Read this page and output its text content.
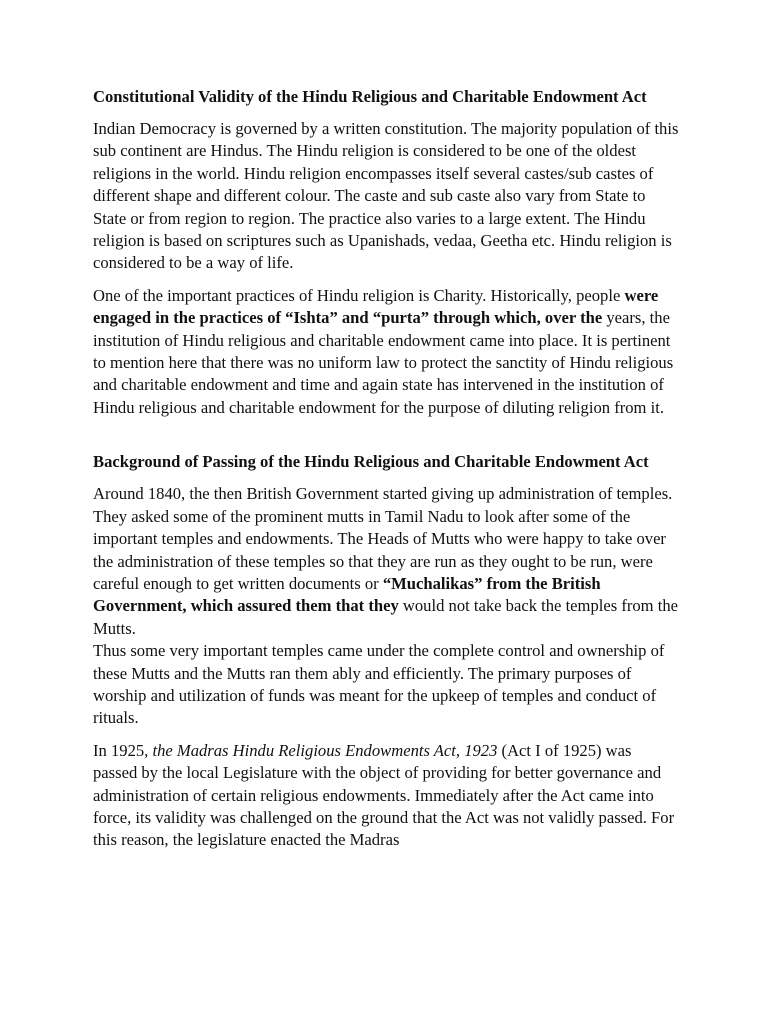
Constitutional Validity of the Hindu Religious and Charitable Endowment Act

Indian Democracy is governed by a written constitution. The majority population of this sub continent are Hindus. The Hindu religion is considered to be one of the oldest religions in the world. Hindu religion encompasses itself several castes/sub castes of different shape and different colour. The caste and sub caste also vary from State to State or from region to region. The practice also varies to a large extent. The Hindu religion is based on scriptures such as Upanishads, vedaa, Geetha etc. Hindu religion is considered to be a way of life.

One of the important practices of Hindu religion is Charity. Historically, people were engaged in the practices of “Ishta” and “purta” through which, over the years, the institution of Hindu religious and charitable endowment came into place. It is pertinent to mention here that there was no uniform law to protect the sanctity of Hindu religious and charitable endowment and time and again state has intervened in the institution of Hindu religious and charitable endowment for the purpose of diluting religion from it.

Background of Passing of the Hindu Religious and Charitable Endowment Act

Around 1840, the then British Government started giving up administration of temples. They asked some of the prominent mutts in Tamil Nadu to look after some of the important temples and endowments. The Heads of Mutts who were happy to take over the administration of these temples so that they are run as they ought to be run, were careful enough to get written documents or “Muchalikas” from the British Government, which assured them that they would not take back the temples from the Mutts.

Thus some very important temples came under the complete control and ownership of these Mutts and the Mutts ran them ably and efficiently. The primary purposes of worship and utilization of funds was meant for the upkeep of temples and conduct of rituals.

In 1925, the Madras Hindu Religious Endowments Act, 1923 (Act I of 1925) was passed by the local Legislature with the object of providing for better governance and administration of certain religious endowments. Immediately after the Act came into force, its validity was challenged on the ground that the Act was not validly passed. For this reason, the legislature enacted the Madras
